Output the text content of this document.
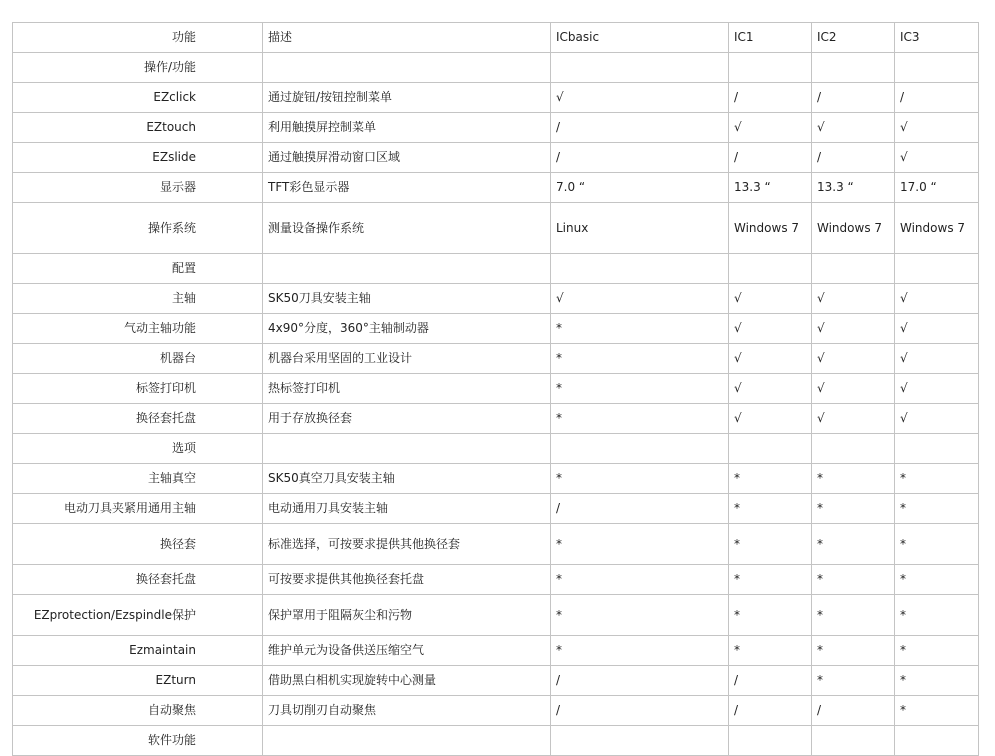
功能	描述	ICbasic	IC1	IC2	IC3
操作/功能					
EZclick	通过旋钮/按钮控制菜单	√	/	/	/
EZtouch	利用触摸屏控制菜单	/	√	√	√
EZslide	通过触摸屏滑动窗口区域	/	/	/	√
显示器	TFT彩色显示器	7.0 “	13.3 “	13.3 “	17.0 “
操作系统	测量设备操作系统	Linux	Windows 7	Windows 7	Windows 7
配置					
主轴	SK50刀具安装主轴	√	√	√	√
气动主轴功能	4x90°分度，360°主轴制动器	*	√	√	√
机器台	机器台采用坚固的工业设计	*	√	√	√
标签打印机	热标签打印机	*	√	√	√
换径套托盘	用于存放换径套	*	√	√	√
选项					
主轴真空	SK50真空刀具安装主轴	*	*	*	*
电动刀具夹紧用通用主轴	电动通用刀具安装主轴	/	*	*	*
换径套	标准选择，可按要求提供其他换径套	*	*	*	*
换径套托盘	可按要求提供其他换径套托盘	*	*	*	*
EZprotection/Ezspindle保护	保护罩用于阻隔灰尘和污物	*	*	*	*
Ezmaintain	维护单元为设备供送压缩空气	*	*	*	*
EZturn	借助黑白相机实现旋转中心测量	/	/	*	*
自动聚焦	刀具切削刃自动聚焦	/	/	/	*
软件功能					
